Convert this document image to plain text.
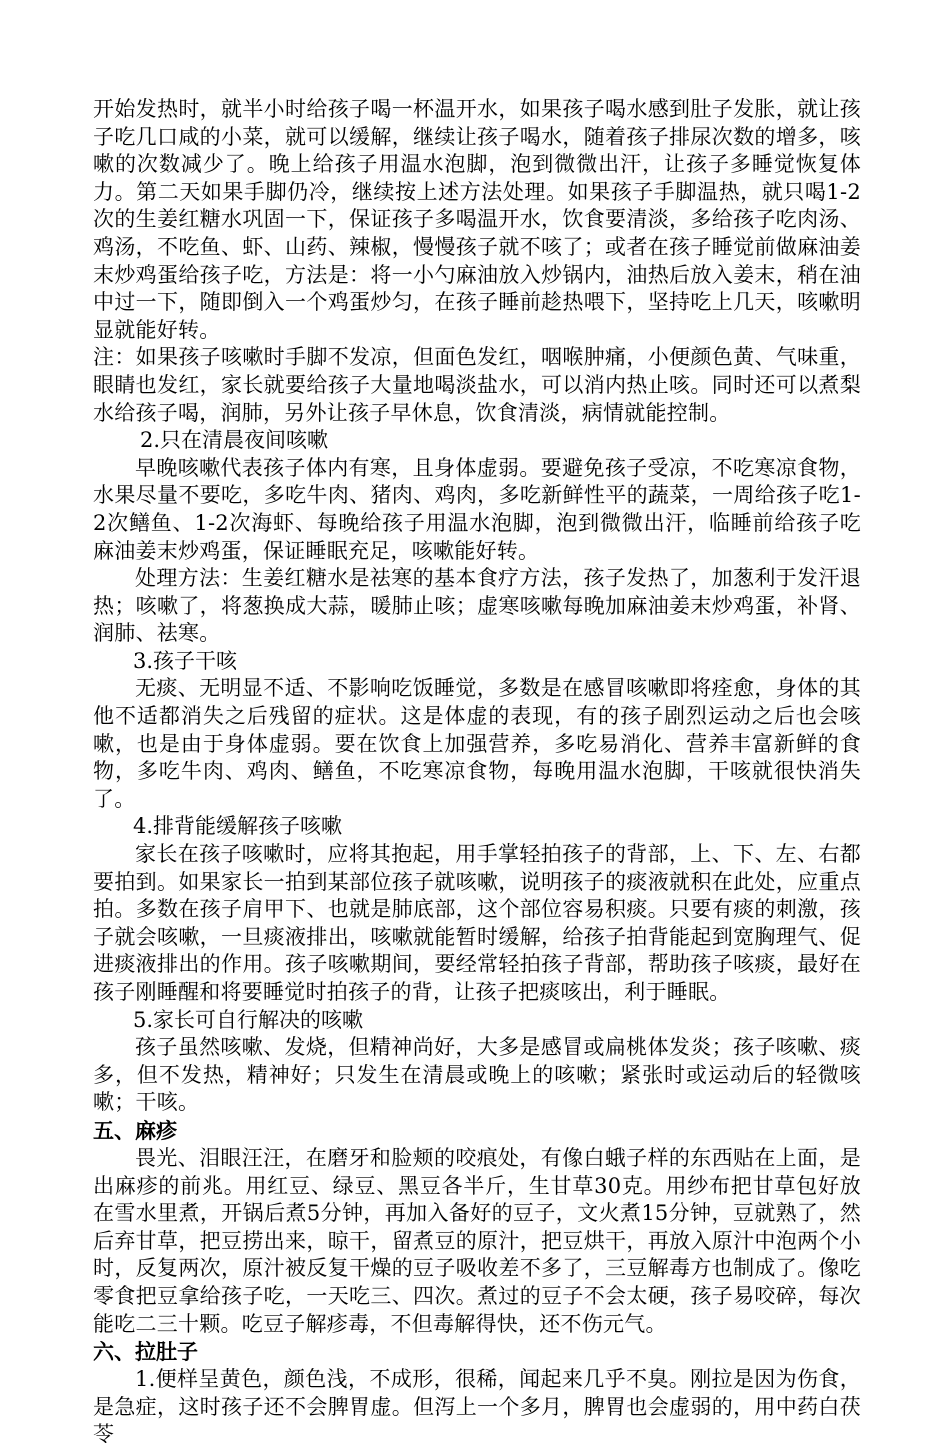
开始发热时，就半小时给孩子喝一杯温开水，如果孩子喝水感到肚子发胀，就让孩子吃几口咸的小菜，就可以缓解，继续让孩子喝水，随着孩子排尿次数的增多，咳嗽的次数减少了。晚上给孩子用温水泡脚，泡到微微出汗，让孩子多睡觉恢复体力。第二天如果手脚仍冷，继续按上述方法处理。如果孩子手脚温热，就只喝1-2次的生姜红糖水巩固一下，保证孩子多喝温开水，饮食要清淡，多给孩子吃肉汤、鸡汤，不吃鱼、虾、山药、辣椒，慢慢孩子就不咳了；或者在孩子睡觉前做麻油姜末炒鸡蛋给孩子吃，方法是：将一小勺麻油放入炒锅内，油热后放入姜末，稍在油中过一下，随即倒入一个鸡蛋炒匀，在孩子睡前趁热喂下，坚持吃上几天，咳嗽明显就能好转。

注：如果孩子咳嗽时手脚不发凉，但面色发红，咽喉肿痛，小便颜色黄、气味重，眼睛也发红，家长就要给孩子大量地喝淡盐水，可以消内热止咳。同时还可以煮梨水给孩子喝，润肺，另外让孩子早休息，饮食清淡，病情就能控制。

2.只在清晨夜间咳嗽

早晚咳嗽代表孩子体内有寒，且身体虚弱。要避免孩子受凉，不吃寒凉食物，水果尽量不要吃，多吃牛肉、猪肉、鸡肉，多吃新鲜性平的蔬菜，一周给孩子吃1-2次鳝鱼、1-2次海虾、每晚给孩子用温水泡脚，泡到微微出汗，临睡前给孩子吃麻油姜末炒鸡蛋，保证睡眠充足，咳嗽能好转。

处理方法：生姜红糖水是祛寒的基本食疗方法，孩子发热了，加葱利于发汗退热；咳嗽了，将葱换成大蒜，暖肺止咳；虚寒咳嗽每晚加麻油姜末炒鸡蛋，补肾、润肺、祛寒。

3.孩子干咳

无痰、无明显不适、不影响吃饭睡觉，多数是在感冒咳嗽即将痊愈，身体的其他不适都消失之后残留的症状。这是体虚的表现，有的孩子剧烈运动之后也会咳嗽，也是由于身体虚弱。要在饮食上加强营养，多吃易消化、营养丰富新鲜的食物，多吃牛肉、鸡肉、鳝鱼，不吃寒凉食物，每晚用温水泡脚，干咳就很快消失了。

4.排背能缓解孩子咳嗽

家长在孩子咳嗽时，应将其抱起，用手掌轻拍孩子的背部，上、下、左、右都要拍到。如果家长一拍到某部位孩子就咳嗽，说明孩子的痰液就积在此处，应重点拍。多数在孩子肩甲下、也就是肺底部，这个部位容易积痰。只要有痰的刺激，孩子就会咳嗽，一旦痰液排出，咳嗽就能暂时缓解，给孩子拍背能起到宽胸理气、促进痰液排出的作用。孩子咳嗽期间，要经常轻拍孩子背部，帮助孩子咳痰，最好在孩子刚睡醒和将要睡觉时拍孩子的背，让孩子把痰咳出，利于睡眠。

5.家长可自行解决的咳嗽

孩子虽然咳嗽、发烧，但精神尚好，大多是感冒或扁桃体发炎；孩子咳嗽、痰多，但不发热，精神好；只发生在清晨或晚上的咳嗽；紧张时或运动后的轻微咳嗽；干咳。

五、麻疹

畏光、泪眼汪汪，在磨牙和脸颊的咬痕处，有像白蛾子样的东西贴在上面，是出麻疹的前兆。用红豆、绿豆、黑豆各半斤，生甘草30克。用纱布把甘草包好放在雪水里煮，开锅后煮5分钟，再加入备好的豆子，文火煮15分钟，豆就熟了，然后弃甘草，把豆捞出来，晾干，留煮豆的原汁，把豆烘干，再放入原汁中泡两个小时，反复两次，原汁被反复干燥的豆子吸收差不多了，三豆解毒方也制成了。像吃零食把豆拿给孩子吃，一天吃三、四次。煮过的豆子不会太硬，孩子易咬碎，每次能吃二三十颗。吃豆子解疹毒，不但毒解得快，还不伤元气。

六、拉肚子

1.便样呈黄色，颜色浅，不成形，很稀，闻起来几乎不臭。刚拉是因为伤食，是急症，这时孩子还不会脾胃虚。但泻上一个多月，脾胃也会虚弱的，用中药白茯苓
